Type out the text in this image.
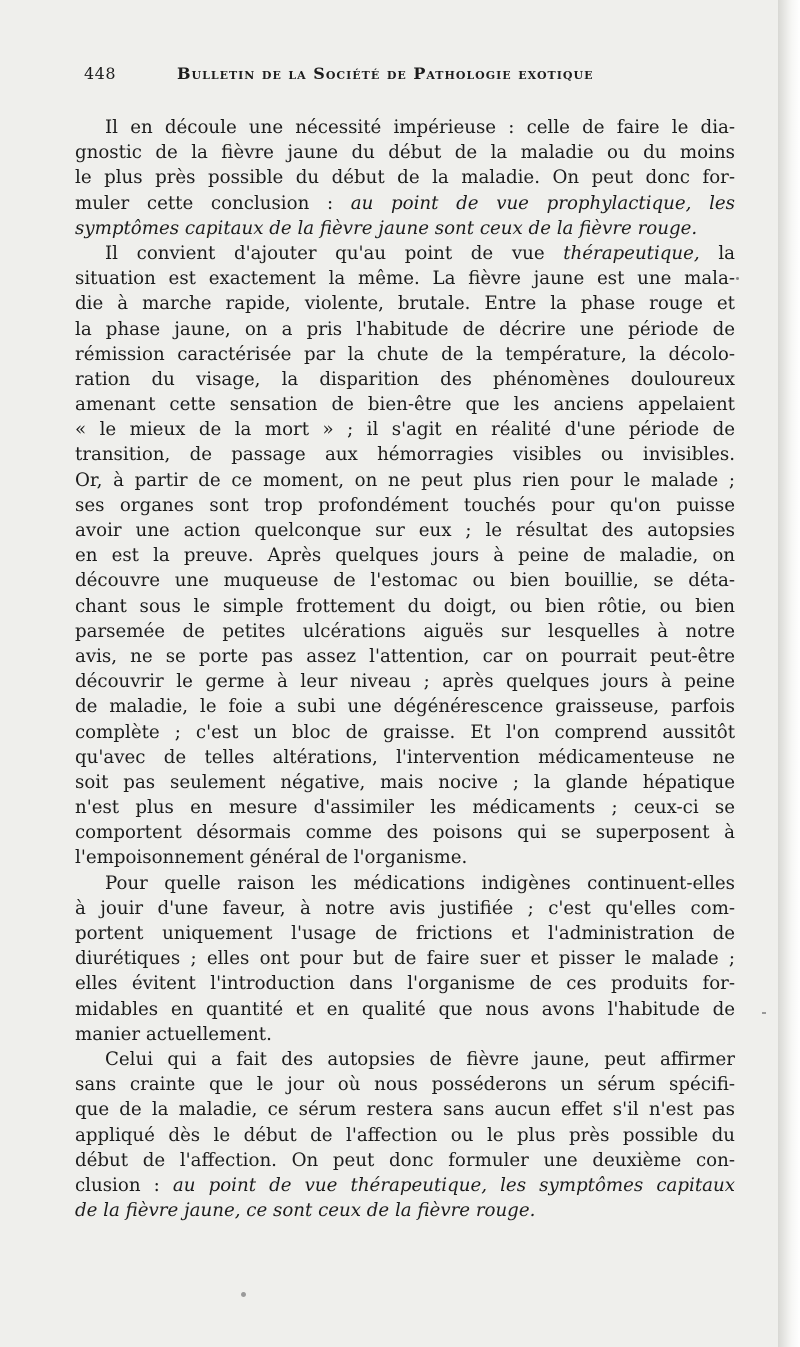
448	Bulletin de la Société de Pathologie exotique
Il en découle une nécessité impérieuse : celle de faire le dia-
gnostic de la fièvre jaune du début de la maladie ou du moins
le plus près possible du début de la maladie. On peut donc for-
muler cette conclusion : au point de vue prophylactique, les
symptômes capitaux de la fièvre jaune sont ceux de la fièvre rouge.
Il convient d'ajouter qu'au point de vue thérapeutique, la
situation est exactement la même. La fièvre jaune est une mala-
die à marche rapide, violente, brutale. Entre la phase rouge et
la phase jaune, on a pris l'habitude de décrire une période de
rémission caractérisée par la chute de la température, la décolo-
ration du visage, la disparition des phénomènes douloureux
amenant cette sensation de bien-être que les anciens appelaient
« le mieux de la mort » ; il s'agit en réalité d'une période de
transition, de passage aux hémorragies visibles ou invisibles.
Or, à partir de ce moment, on ne peut plus rien pour le malade ;
ses organes sont trop profondément touchés pour qu'on puisse
avoir une action quelconque sur eux ; le résultat des autopsies
en est la preuve. Après quelques jours à peine de maladie, on
découvre une muqueuse de l'estomac ou bien bouillie, se déta-
chant sous le simple frottement du doigt, ou bien rôtie, ou bien
parsemée de petites ulcérations aiguës sur lesquelles à notre
avis, ne se porte pas assez l'attention, car on pourrait peut-être
découvrir le germe à leur niveau ; après quelques jours à peine
de maladie, le foie a subi une dégénérescence graisseuse, parfois
complète ; c'est un bloc de graisse. Et l'on comprend aussitôt
qu'avec de telles altérations, l'intervention médicamenteuse ne
soit pas seulement négative, mais nocive ; la glande hépatique
n'est plus en mesure d'assimiler les médicaments ; ceux-ci se
comportent désormais comme des poisons qui se superposent à
l'empoisonnement général de l'organisme.
Pour quelle raison les médications indigènes continuent-elles
à jouir d'une faveur, à notre avis justifiée ; c'est qu'elles com-
portent uniquement l'usage de frictions et l'administration de
diurétiques ; elles ont pour but de faire suer et pisser le malade ;
elles évitent l'introduction dans l'organisme de ces produits for-
midables en quantité et en qualité que nous avons l'habitude de
manier actuellement.
Celui qui a fait des autopsies de fièvre jaune, peut affirmer
sans crainte que le jour où nous posséderons un sérum spécifi-
que de la maladie, ce sérum restera sans aucun effet s'il n'est pas
appliqué dès le début de l'affection ou le plus près possible du
début de l'affection. On peut donc formuler une deuxième con-
clusion : au point de vue thérapeutique, les symptômes capitaux
de la fièvre jaune, ce sont ceux de la fièvre rouge.
